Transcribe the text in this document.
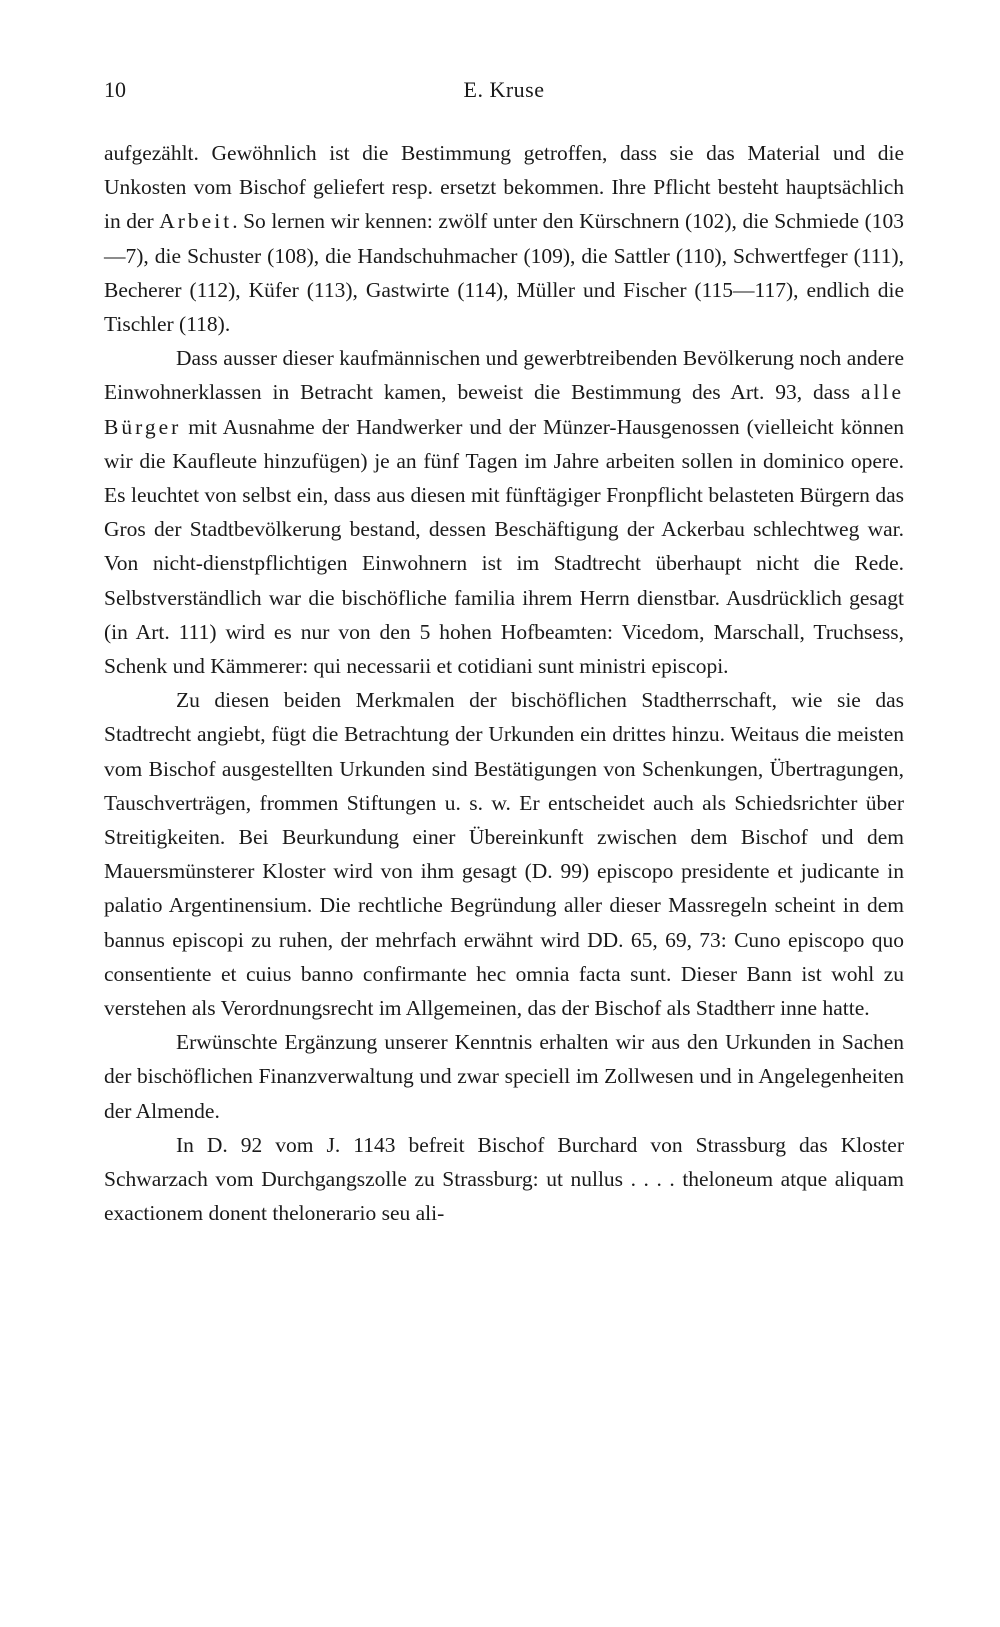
10	E. Kruse

aufgezählt. Gewöhnlich ist die Bestimmung getroffen, dass sie das Material und die Unkosten vom Bischof geliefert resp. ersetzt bekommen. Ihre Pflicht besteht hauptsächlich in der Arbeit. So lernen wir kennen: zwölf unter den Kürschnern (102), die Schmiede (103—7), die Schuster (108), die Handschuhmacher (109), die Sattler (110), Schwertfeger (111), Becherer (112), Küfer (113), Gastwirte (114), Müller und Fischer (115—117), endlich die Tischler (118).

Dass ausser dieser kaufmännischen und gewerbtreibenden Bevölkerung noch andere Einwohnerklassen in Betracht kamen, beweist die Bestimmung des Art. 93, dass alle Bürger mit Ausnahme der Handwerker und der Münzer-Hausgenossen (vielleicht können wir die Kaufleute hinzufügen) je an fünf Tagen im Jahre arbeiten sollen in dominico opere. Es leuchtet von selbst ein, dass aus diesen mit fünftägiger Fronpflicht belasteten Bürgern das Gros der Stadtbevölkerung bestand, dessen Beschäftigung der Ackerbau schlechtweg war. Von nicht-dienstpflichtigen Einwohnern ist im Stadtrecht überhaupt nicht die Rede. Selbstverständlich war die bischöfliche familia ihrem Herrn dienstbar. Ausdrücklich gesagt (in Art. 111) wird es nur von den 5 hohen Hofbeamten: Vicedom, Marschall, Truchsess, Schenk und Kämmerer: qui necessarii et cotidiani sunt ministri episcopi.

Zu diesen beiden Merkmalen der bischöflichen Stadtherrschaft, wie sie das Stadtrecht angiebt, fügt die Betrachtung der Urkunden ein drittes hinzu. Weitaus die meisten vom Bischof ausgestellten Urkunden sind Bestätigungen von Schenkungen, Übertragungen, Tauschverträgen, frommen Stiftungen u. s. w. Er entscheidet auch als Schiedsrichter über Streitigkeiten. Bei Beurkundung einer Übereinkunft zwischen dem Bischof und dem Mauersmünsterer Kloster wird von ihm gesagt (D. 99) episcopo presidente et judicante in palatio Argentinensium. Die rechtliche Begründung aller dieser Massregeln scheint in dem bannus episcopi zu ruhen, der mehrfach erwähnt wird DD. 65, 69, 73: Cuno episcopo quo consentiente et cuius banno confirmante hec omnia facta sunt. Dieser Bann ist wohl zu verstehen als Verordnungsrecht im Allgemeinen, das der Bischof als Stadtherr inne hatte.

Erwünschte Ergänzung unserer Kenntnis erhalten wir aus den Urkunden in Sachen der bischöflichen Finanzverwaltung und zwar speciell im Zollwesen und in Angelegenheiten der Almende.

In D. 92 vom J. 1143 befreit Bischof Burchard von Strassburg das Kloster Schwarzach vom Durchgangszolle zu Strassburg: ut nullus . . . . theloneum atque aliquam exactionem donent thelonerario seu ali-
